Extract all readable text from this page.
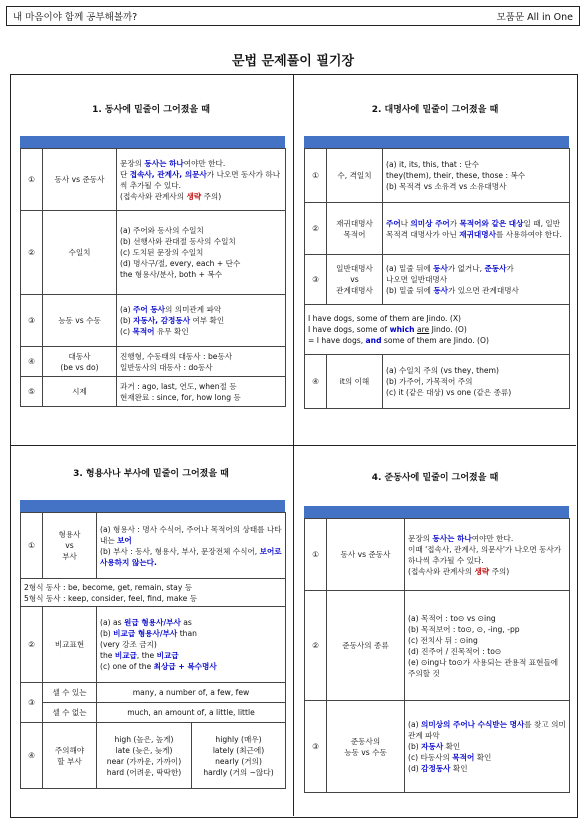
내 마음이야 함께 공부해볼까?	모품문 All in One
문법 문제풀이 필기장
1. 동사에 밑줄이 그어졌을 때
①	동사 vs 준동사	문장의 동사는 하나여야만 한다.
단 접속사, 관계사, 의문사가 나오면 동사가 하나씩 추가될 수 있다.
(접속사와 관계사의 생략 주의)

②	수일치	(a) 주어와 동사의 수일치
(b) 선행사와 관대절 동사의 수일치
(c) 도치된 문장의 수일치
(d) 명사구/절, every, each + 단수
the 형용사/분사, both + 복수

③	능동 vs 수동	(a) 주어 동사의 의미관계 파악
(b) 자동사, 감정동사 여부 확인
(c) 목적어 유무 확인

④	대동사
(be vs do)	진행형, 수동태의 대동사 : be동사
일반동사의 대동사 : do동사

⑤	시제	과거 : ago, last, 연도, when절 등
현재완료 : since, for, how long 등
2. 대명사에 밑줄이 그어졌을 때
①	수, 격일치	(a) it, its, this, that : 단수
they(them), their, these, those : 복수
(b) 목적격 vs 소유격 vs 소유대명사

②	재귀대명사
목적어	주어나 의미상 주어가 목적어와 같은 대상일 때, 일반 목적격 대명사가 아닌 재귀대명사를 사용하여야 한다.

③	일반대명사
vs
관계대명사	(a) 밑줄 뒤에 동사가 없거나, 준동사가
나오면 일반대명사
(b) 밑줄 뒤에 동사가 있으면 관계대명사

I have dogs, some of them are Jindo. (X)
I have dogs, some of which are Jindo. (O)
= I have dogs, and some of them are Jindo. (O)		

④	it의 이해	(a) 수일치 주의 (vs they, them)
(b) 가주어, 가목적어 주의
(c) it (같은 대상) vs one (같은 종류)
3. 형용사나 부사에 밑줄이 그어졌을 때
①	형용사
vs
부사	(a) 형용사 : 명사 수식어, 주어나 목적어의 상태를 나타내는 보어
(b) 부사 : 동사, 형용사, 부사, 문장전체 수식어, 보어로 사용하지 않는다.	

2형식 동사 : be, become, get, remain, stay 등
5형식 동사 : keep, consider, feel, find, make 등			

②	비교표현	(a) as 원급 형용사/부사 as
(b) 비교급 형용사/부사 than
(very 강조 금지)
the 비교급, the 비교급
(c) one of the 최상급 + 복수명사	

③	셀 수 있는	many, a number of, a few, few	
	셀 수 없는	much, an amount of, a little, little	
④	주의해야
할 부사	high (높은, 높게)
late (늦은, 늦게)
near (가까운, 가까이)
hard (어려운, 딱딱한)	highly (매우)
lately (최근에)
nearly (거의)
hardly (거의 ~않다)
4. 준동사에 밑줄이 그어졌을 때
①	동사 vs 준동사	문장의 동사는 하나여야만 한다.
이때 '접속사, 관계사, 의문사'가 나오면 동사가 하나씩 추가될 수 있다.
(접속사와 관계사의 생략 주의)

②	준동사의 종류	(a) 목적어 : to⊙ vs ⊙ing
(b) 목적보어 : to⊙, ⊙, -ing, -pp
(c) 전치사 뒤 : ⊙ing
(d) 진주어 / 진목적어 : to⊙
(e) ⊙ing나 to⊙가 사용되는 관용적 표현들에 주의할 것

③	준동사의
능동 vs 수동	(a) 의미상의 주어나 수식받는 명사를 찾고 의미관계 파악
(b) 자동사 확인
(c) 타동사의 목적어 확인
(d) 감정동사 확인
